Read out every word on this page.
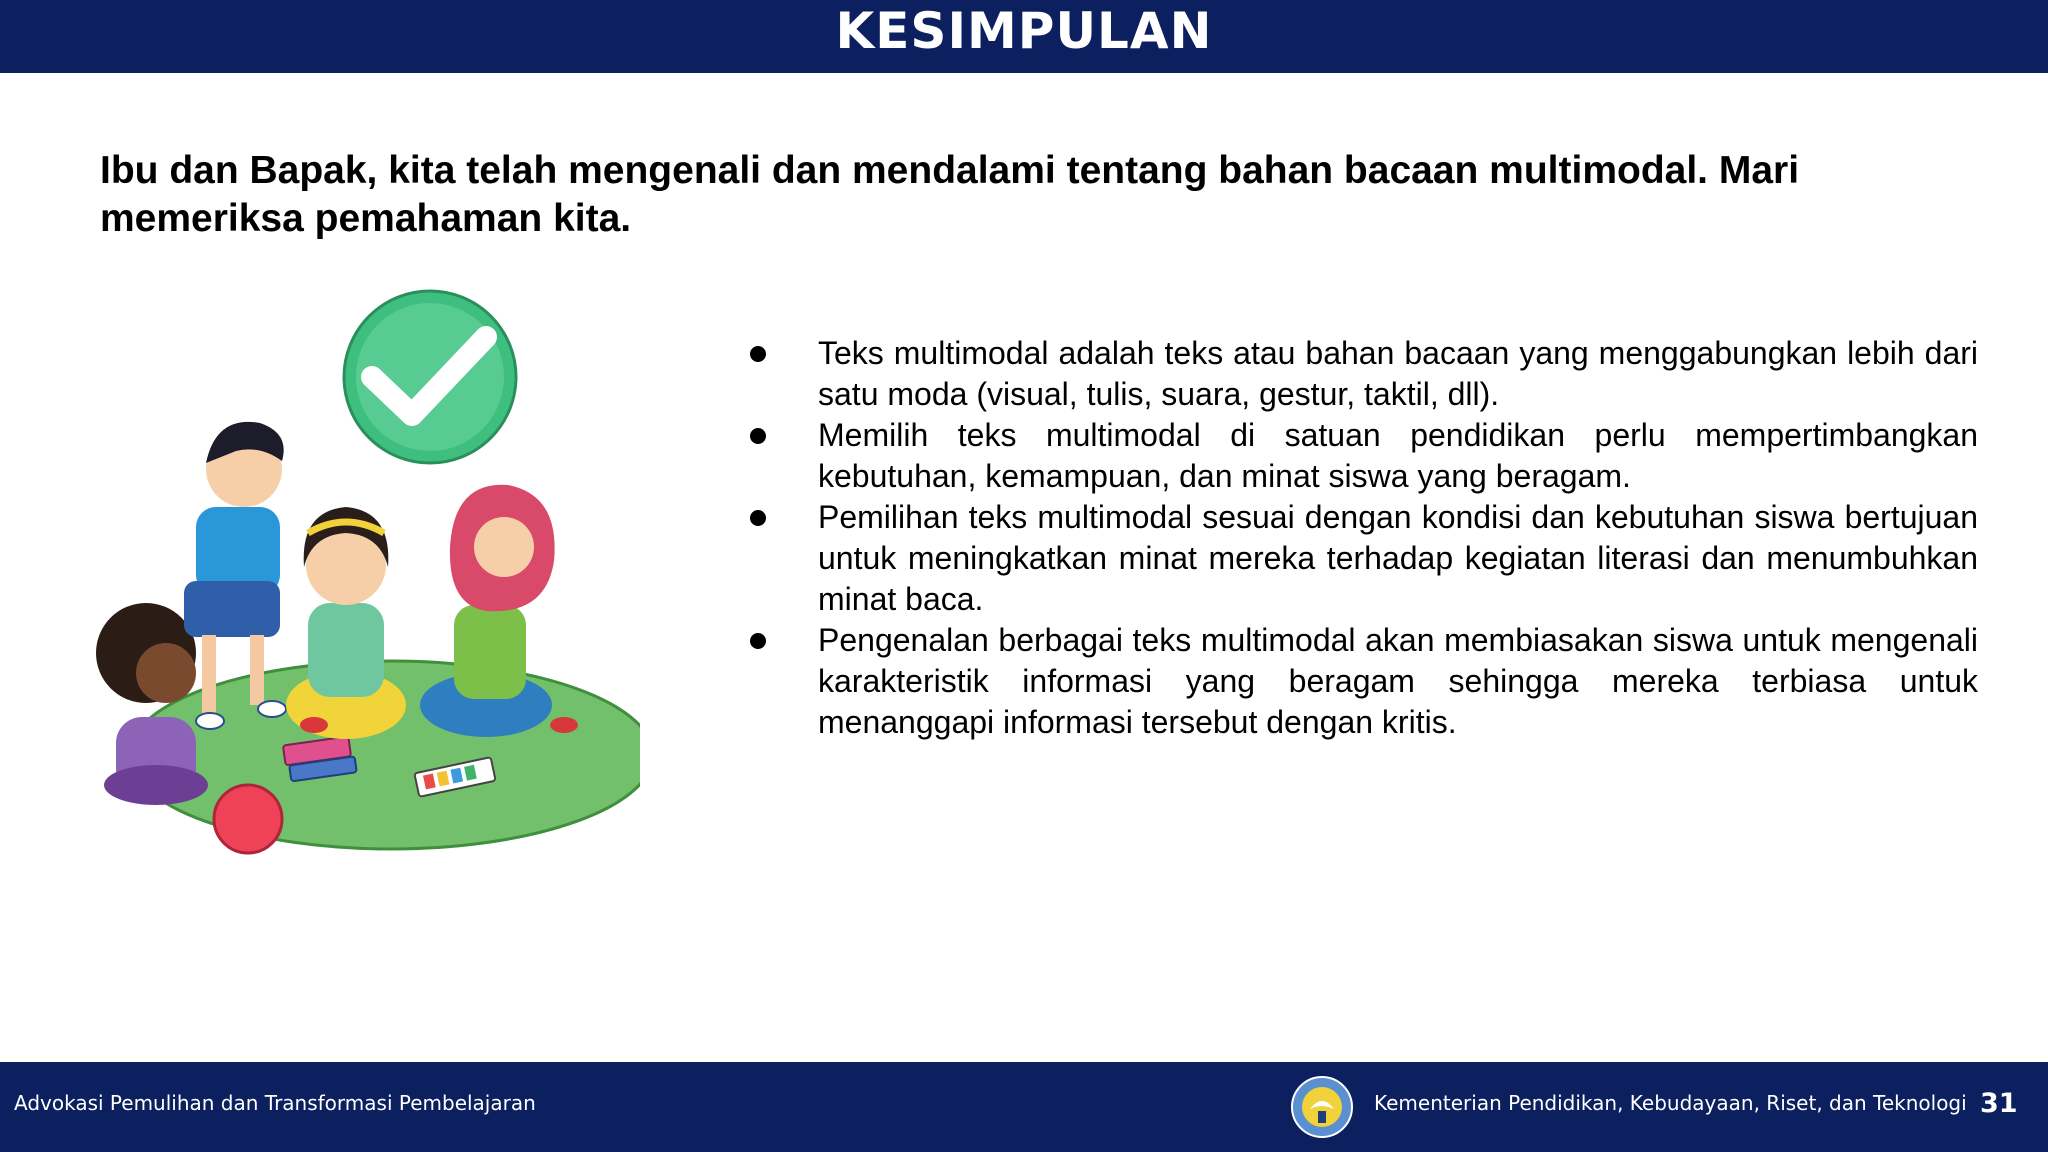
KESIMPULAN
Ibu dan Bapak, kita telah mengenali dan mendalami tentang bahan bacaan multimodal. Mari memeriksa pemahaman kita.
Teks multimodal adalah teks atau bahan bacaan yang menggabungkan lebih dari satu moda (visual, tulis, suara, gestur, taktil, dll).
Memilih teks multimodal di satuan pendidikan perlu mempertimbangkan kebutuhan, kemampuan, dan minat siswa yang beragam.
Pemilihan teks multimodal sesuai dengan kondisi dan kebutuhan siswa bertujuan untuk meningkatkan minat mereka terhadap kegiatan literasi dan menumbuhkan minat baca.
Pengenalan berbagai teks multimodal akan membiasakan siswa untuk mengenali karakteristik informasi yang beragam sehingga mereka terbiasa untuk menanggapi informasi tersebut dengan kritis.
Advokasi Pemulihan dan Transformasi Pembelajaran	Kementerian Pendidikan, Kebudayaan, Riset, dan Teknologi 31
